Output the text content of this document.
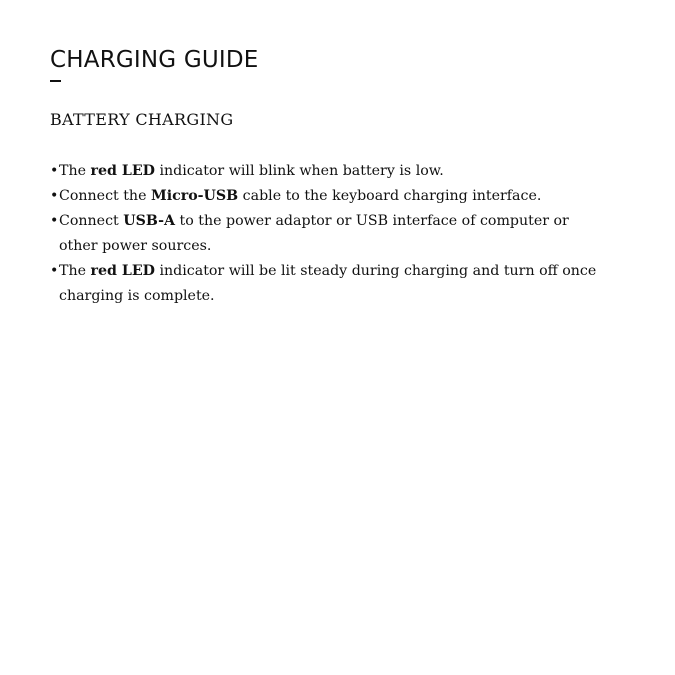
CHARGING GUIDE
BATTERY CHARGING
• The red LED indicator will blink when battery is low.
• Connect the Micro-USB cable to the keyboard charging interface.
• Connect USB-A to the power adaptor or USB interface of computer or other power sources.
• The red LED indicator will be lit steady during charging and turn off once charging is complete.
